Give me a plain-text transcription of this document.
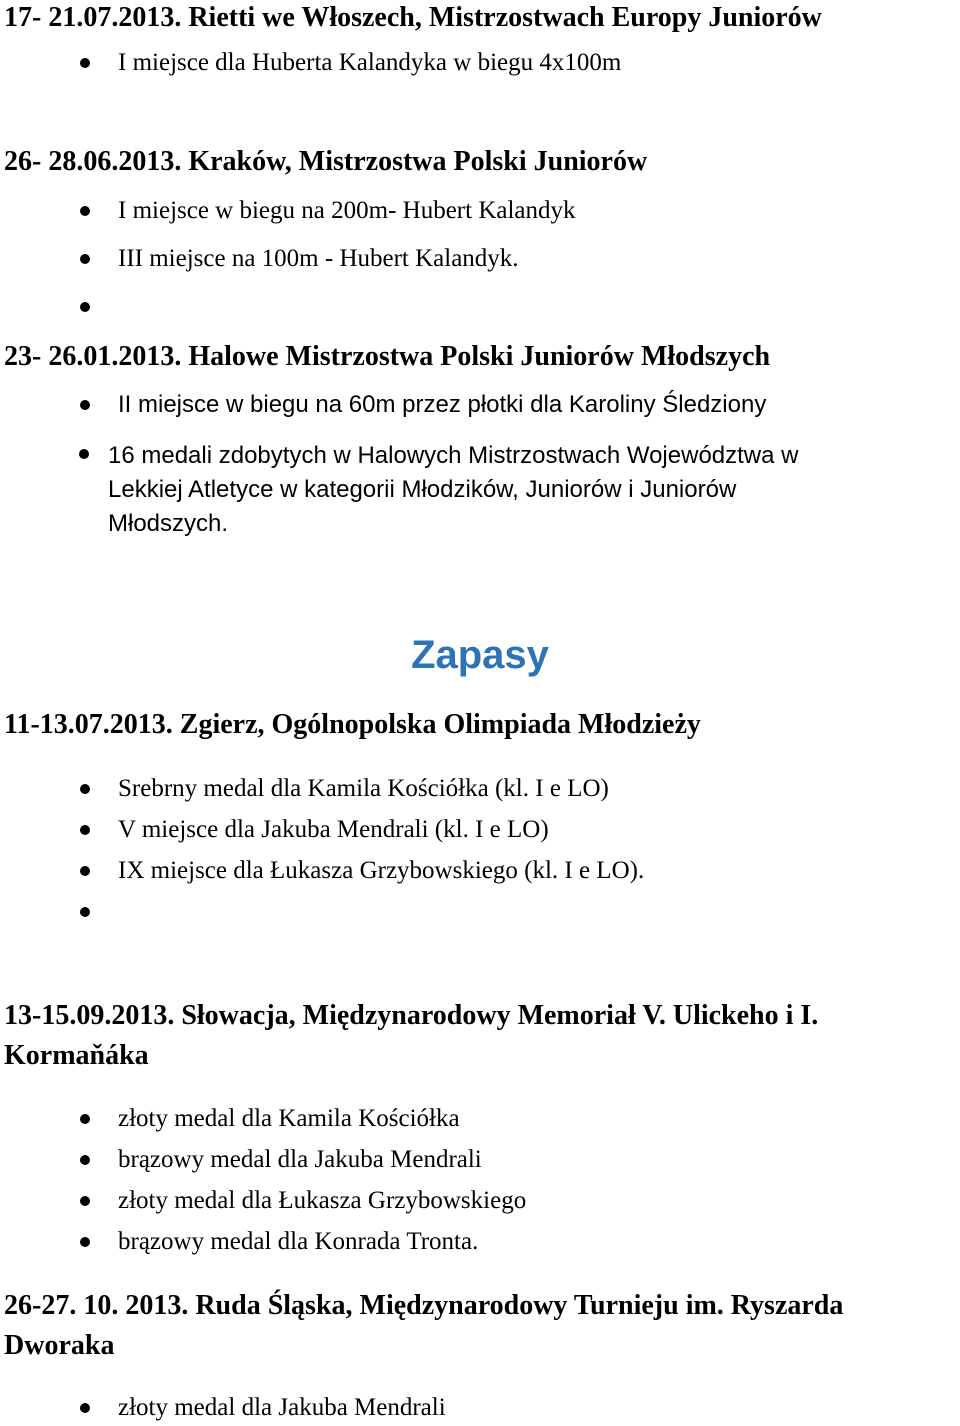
17- 21.07.2013. Rietti we Włoszech, Mistrzostwach Europy Juniorów
I miejsce dla Huberta Kalandyka w biegu 4x100m
26- 28.06.2013. Kraków, Mistrzostwa Polski Juniorów
I miejsce w biegu na 200m- Hubert Kalandyk
III miejsce na 100m - Hubert Kalandyk.
23- 26.01.2013. Halowe Mistrzostwa Polski Juniorów Młodszych
II miejsce w biegu na 60m przez płotki dla Karoliny Śledziony
16 medali zdobytych w Halowych Mistrzostwach Województwa w Lekkiej Atletyce w kategorii Młodzików, Juniorów i Juniorów Młodszych.
Zapasy
11-13.07.2013. Zgierz, Ogólnopolska Olimpiada Młodzieży
Srebrny medal dla Kamila Kościółka (kl. I e LO)
V miejsce dla Jakuba Mendrali (kl. I e LO)
IX miejsce dla Łukasza Grzybowskiego (kl. I e LO).
13-15.09.2013. Słowacja, Międzynarodowy Memoriał V. Ulickeho i I. Kormaňáka
złoty medal dla Kamila Kościółka
brązowy medal dla Jakuba Mendrali
złoty medal dla Łukasza Grzybowskiego
brązowy medal dla Konrada Tronta.
26-27. 10. 2013. Ruda Śląska, Międzynarodowy Turnieju im. Ryszarda Dworaka
złoty medal dla Jakuba Mendrali
